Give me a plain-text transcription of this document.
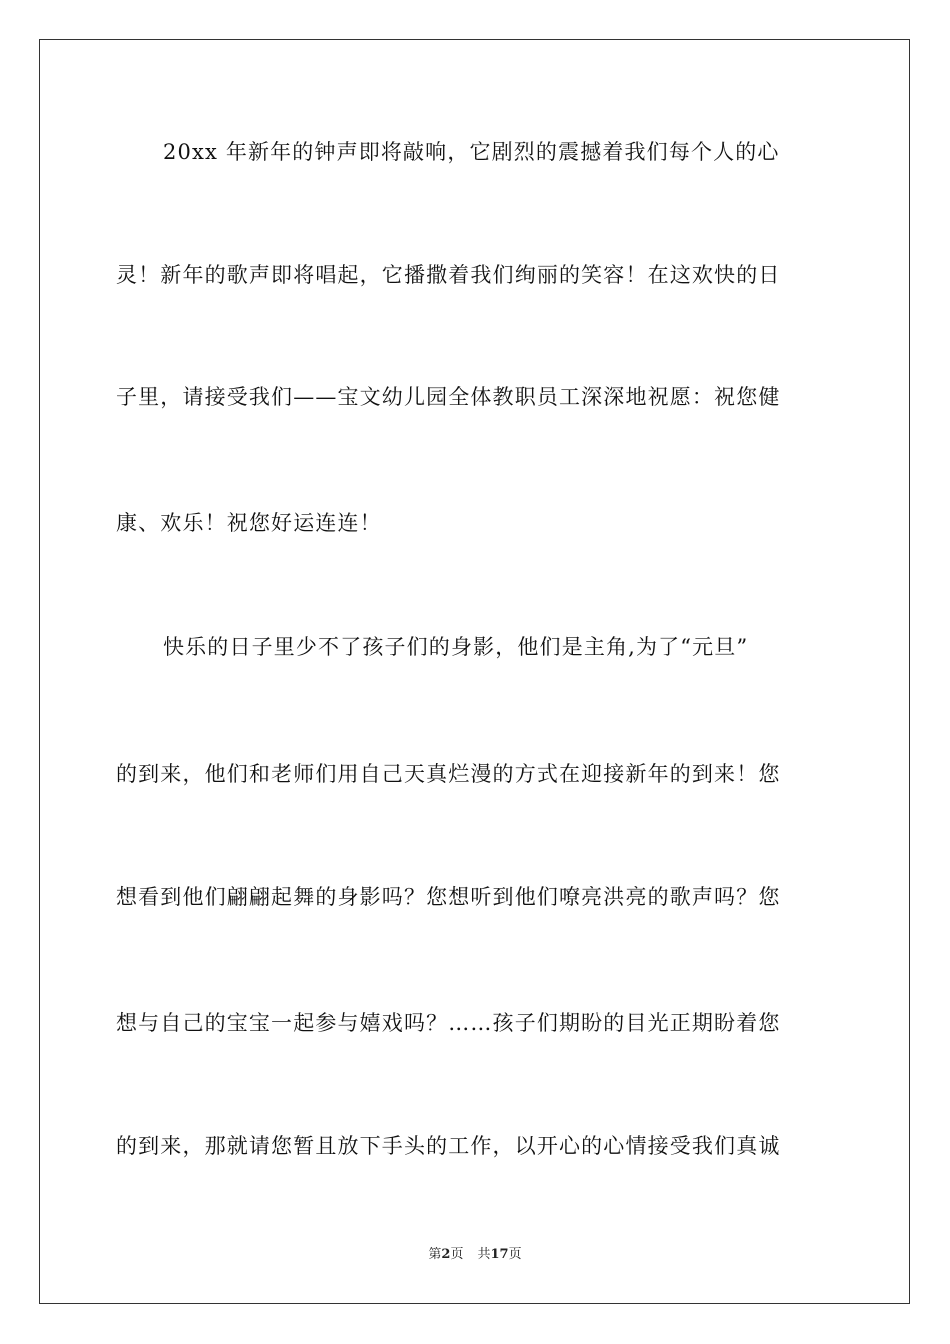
20xx 年新年的钟声即将敲响，它剧烈的震撼着我们每个人的心
灵！新年的歌声即将唱起，它播撒着我们绚丽的笑容！在这欢快的日
子里，请接受我们——宝文幼儿园全体教职员工深深地祝愿：祝您健
康、欢乐！祝您好运连连！
快乐的日子里少不了孩子们的身影，他们是主角,为了“元旦”
的到来，他们和老师们用自己天真烂漫的方式在迎接新年的到来！您
想看到他们翩翩起舞的身影吗？您想听到他们嘹亮洪亮的歌声吗？您
想与自己的宝宝一起参与嬉戏吗？……孩子们期盼的目光正期盼着您
的到来，那就请您暂且放下手头的工作，以开心的心情接受我们真诚
第2页 共17页
